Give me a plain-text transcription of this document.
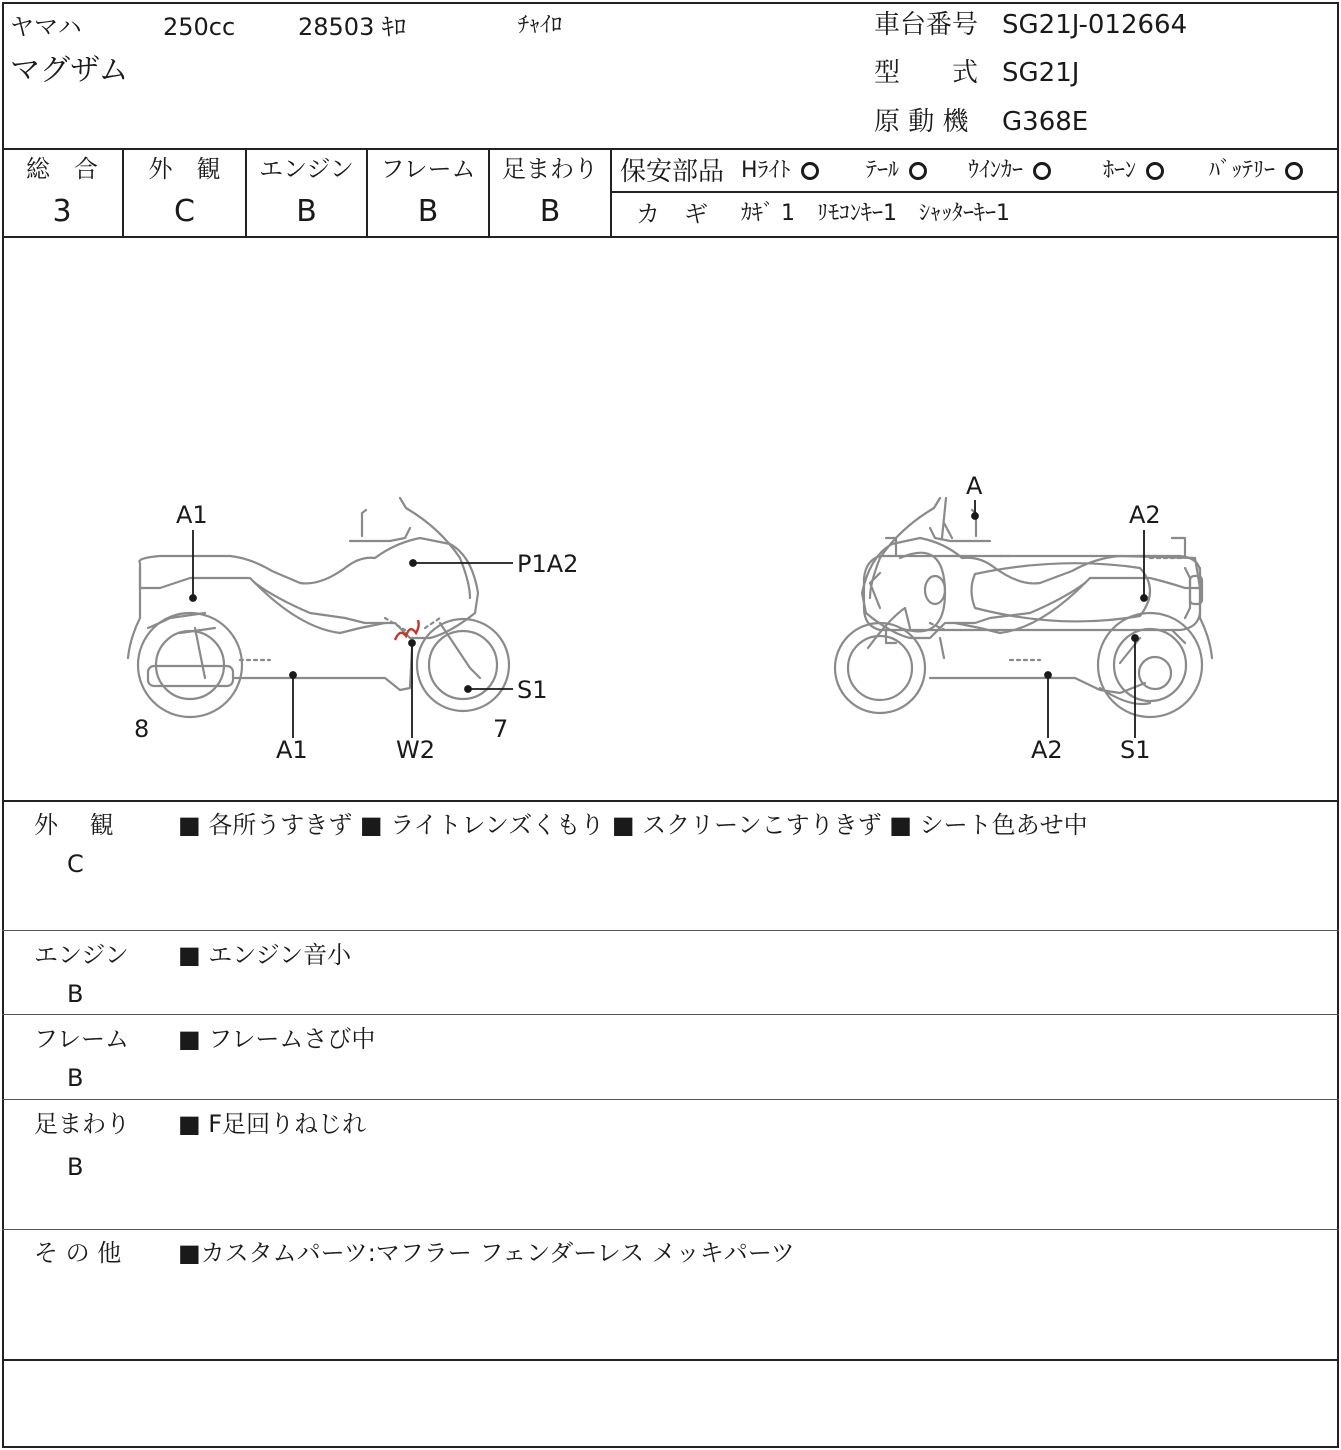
ヤマハ	250cc	28503 ｷﾛ	ﾁｬｲﾛ
マグザム
車台番号 SG21J-012664
型　　式 SG21J
原 動 機 G368E
総　合
3
外　観
C
エンジン
B
フレーム
B
足まわり
B
保安部品 Hﾗｲﾄ	ﾃｰﾙ	ｳｲﾝｶｰ	ﾎｰﾝ	ﾊﾞｯﾃﾘｰ
カ　ギ ｶｷﾞ 1　ﾘﾓｺﾝｷｰ1　ｼｬｯﾀｰｷｰ1
A1
P1A2
S1
8	7
A1	W2
A
A2
A2 S1
外　 観
C
■ 各所うすきず ■ ライトレンズくもり ■ スクリーンこすりきず ■ シート色あせ中
エンジン
B
■ エンジン音小
フレーム
B
■ フレームさび中
足まわり
B
■ F足回りねじれ
そ の 他 ■カスタムパーツ:マフラー フェンダーレス メッキパーツ
